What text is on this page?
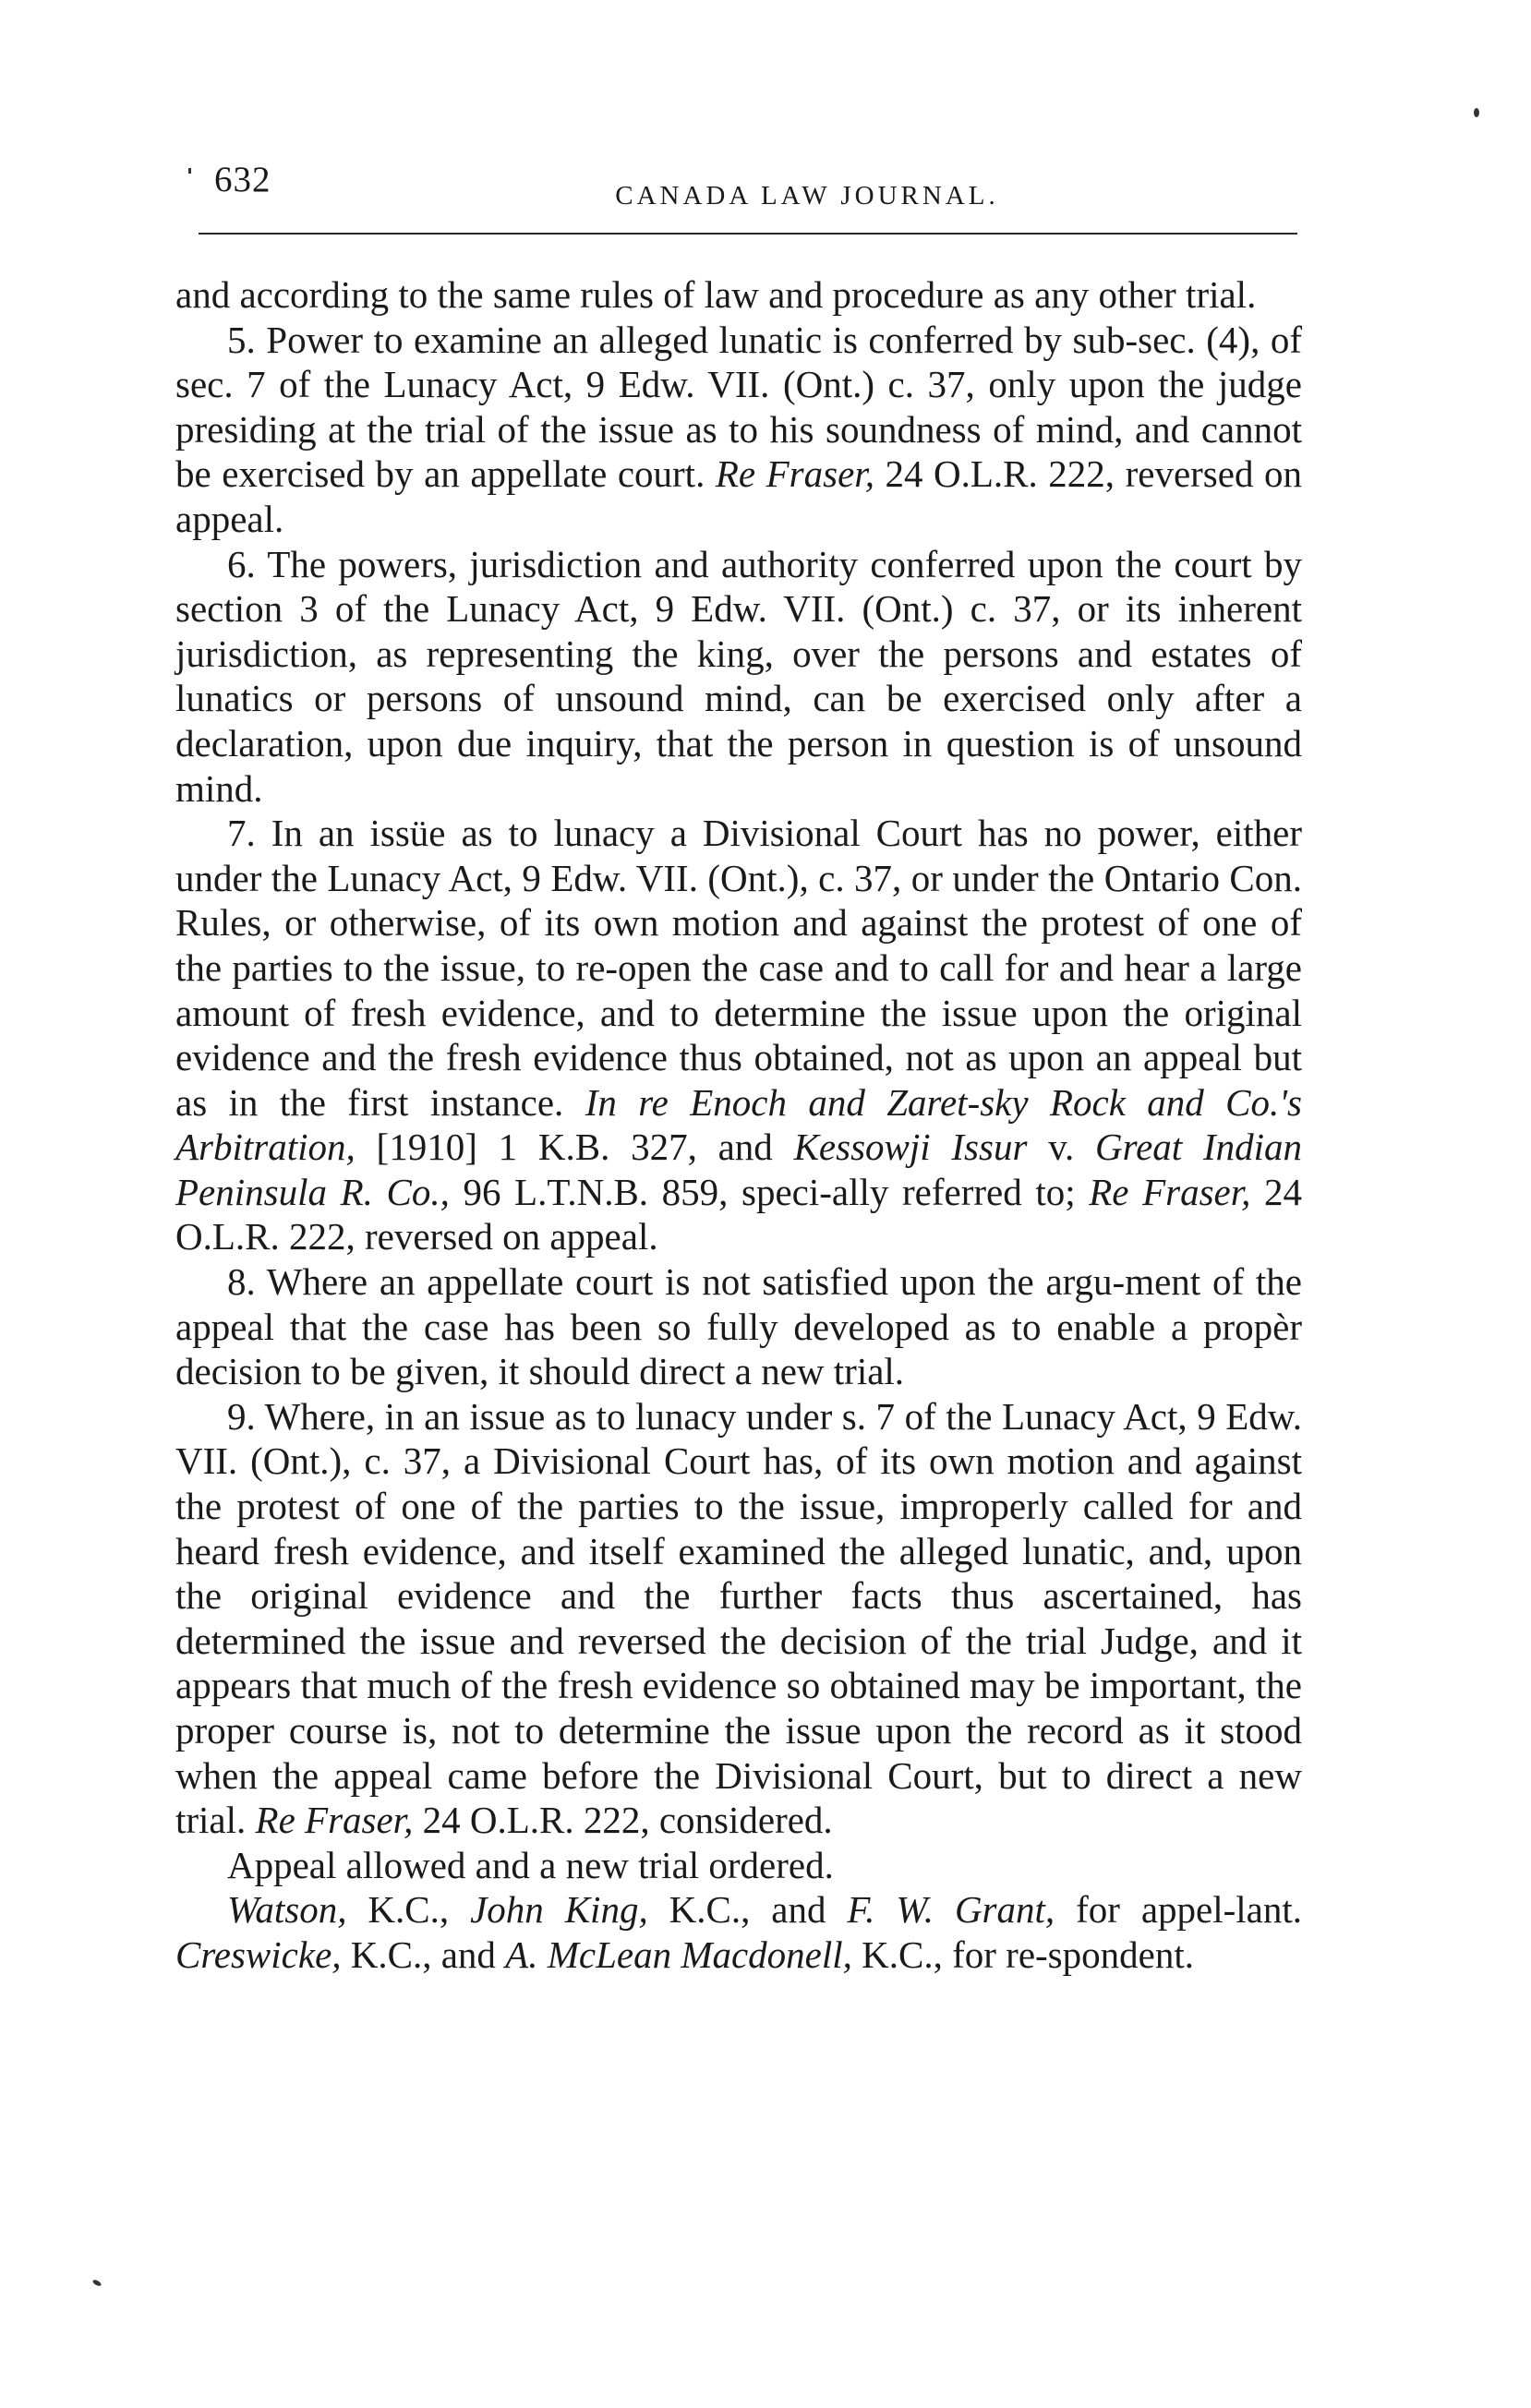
632	CANADA LAW JOURNAL.

and according to the same rules of law and procedure as any other trial.

5. Power to examine an alleged lunatic is conferred by sub-sec. (4), of sec. 7 of the Lunacy Act, 9 Edw. VII. (Ont.) c. 37, only upon the judge presiding at the trial of the issue as to his soundness of mind, and cannot be exercised by an appellate court. Re Fraser, 24 O.L.R. 222, reversed on appeal.

6. The powers, jurisdiction and authority conferred upon the court by section 3 of the Lunacy Act, 9 Edw. VII. (Ont.) c. 37, or its inherent jurisdiction, as representing the king, over the persons and estates of lunatics or persons of unsound mind, can be exercised only after a declaration, upon due inquiry, that the person in question is of unsound mind.

7. In an issüe as to lunacy a Divisional Court has no power, either under the Lunacy Act, 9 Edw. VII. (Ont.), c. 37, or under the Ontario Con. Rules, or otherwise, of its own motion and against the protest of one of the parties to the issue, to re-open the case and to call for and hear a large amount of fresh evidence, and to determine the issue upon the original evidence and the fresh evidence thus obtained, not as upon an appeal but as in the first instance. In re Enoch and Zaret-sky Rock and Co.'s Arbitration, [1910] 1 K.B. 327, and Kessowji Issur v. Great Indian Peninsula R. Co., 96 L.T.N.B. 859, speci-ally referred to; Re Fraser, 24 O.L.R. 222, reversed on appeal.

8. Where an appellate court is not satisfied upon the argu-ment of the appeal that the case has been so fully developed as to enable a propèr decision to be given, it should direct a new trial.

9. Where, in an issue as to lunacy under s. 7 of the Lunacy Act, 9 Edw. VII. (Ont.), c. 37, a Divisional Court has, of its own motion and against the protest of one of the parties to the issue, improperly called for and heard fresh evidence, and itself examined the alleged lunatic, and, upon the original evidence and the further facts thus ascertained, has determined the issue and reversed the decision of the trial Judge, and it appears that much of the fresh evidence so obtained may be important, the proper course is, not to determine the issue upon the record as it stood when the appeal came before the Divisional Court, but to direct a new trial. Re Fraser, 24 O.L.R. 222, considered.

Appeal allowed and a new trial ordered.

Watson, K.C., John King, K.C., and F. W. Grant, for appel-lant. Creswicke, K.C., and A. McLean Macdonell, K.C., for re-spondent.
